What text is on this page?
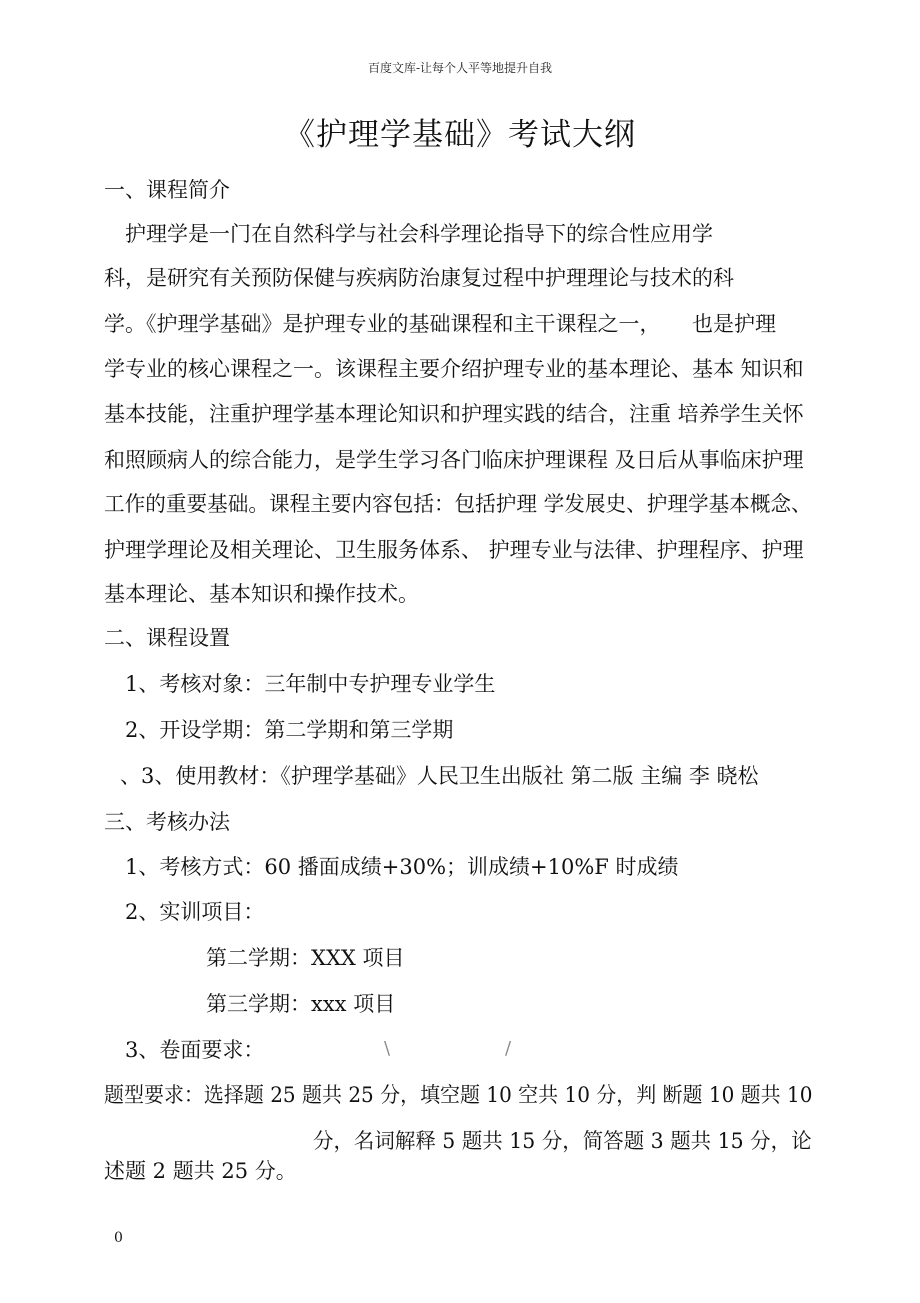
百度文库-让每个人平等地提升自我
《护理学基础》考试大纲
一、课程简介
护理学是一门在自然科学与社会科学理论指导下的综合性应用学
科，是研究有关预防保健与疾病防治康复过程中护理理论与技术的科
学。《护理学基础》是护理专业的基础课程和主干课程之一，　　也是护理
学专业的核心课程之一。该课程主要介绍护理专业的基本理论、基本 知识和
基本技能，注重护理学基本理论知识和护理实践的结合，注重 培养学生关怀
和照顾病人的综合能力，是学生学习各门临床护理课程 及日后从事临床护理
工作的重要基础。课程主要内容包括：包括护理 学发展史、护理学基本概念、
护理学理论及相关理论、卫生服务体系、 护理专业与法律、护理程序、护理
基本理论、基本知识和操作技术。
二、课程设置
1、考核对象：三年制中专护理专业学生
2、开设学期：第二学期和第三学期
、3、使用教材：《护理学基础》人民卫生出版社 第二版 主编 李 晓松
三、考核办法
1、考核方式：60 播面成绩+30%；训成绩+10%F 时成绩
2、实训项目：
第二学期：XXX 项目
第三学期：xxx 项目
3、卷面要求：	\	/
题型要求：选择题 25 题共 25 分，填空题 10 空共 10 分，判 断题 10 题共 10
分，名词解释 5 题共 15 分，简答题 3 题共 15 分，论
述题 2 题共 25 分。
0
